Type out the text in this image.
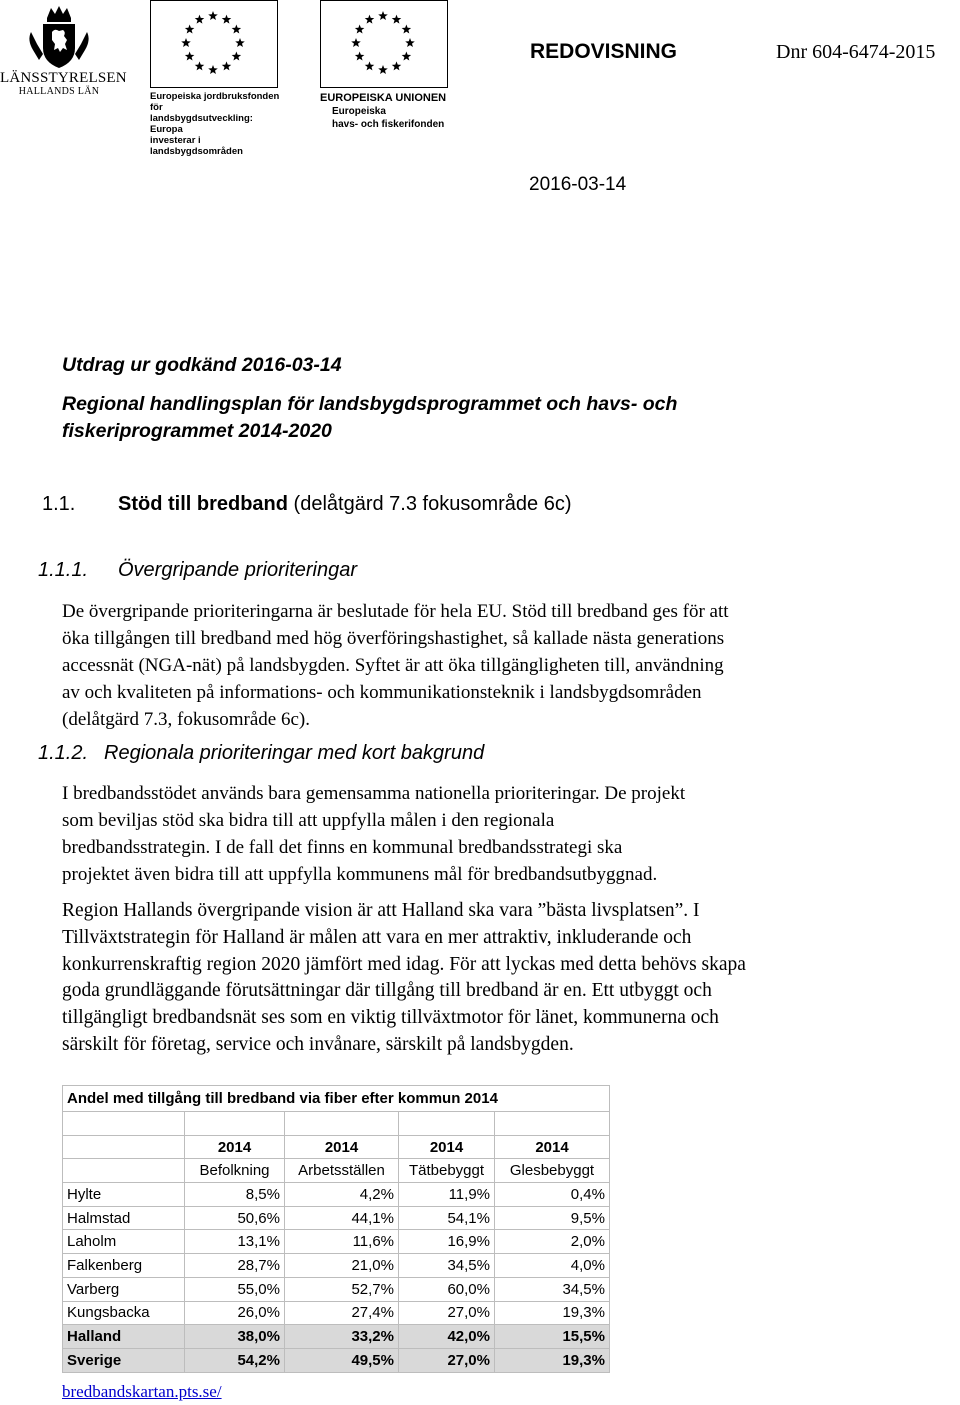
LÄNSSTYRELSEN
HALLANDS LÄN	Europeiska jordbruksfonden för
landsbygdsutveckling: Europa
investerar i landsbygdsområden
EUROPEISKA UNIONEN
Europeiska
havs- och fiskerifonden
REDOVISNING	Dnr 604-6474-2015
2016-03-14
Utdrag ur godkänd 2016-03-14
Regional handlingsplan för landsbygdsprogrammet och havs- och
fiskeriprogrammet 2014-2020
1.1. Stöd till bredband (delåtgärd 7.3 fokusområde 6c)
1.1.1. Övergripande prioriteringar
De övergripande prioriteringarna är beslutade för hela EU. Stöd till bredband ges för att
öka tillgången till bredband med hög överföringshastighet, så kallade nästa generations
accessnät (NGA-nät) på landsbygden. Syftet är att öka tillgängligheten till, användning
av och kvaliteten på informations- och kommunikationsteknik i landsbygdsområden
(delåtgärd 7.3, fokusområde 6c).
1.1.2. Regionala prioriteringar med kort bakgrund
I bredbandsstödet används bara gemensamma nationella prioriteringar. De projekt
som beviljas stöd ska bidra till att uppfylla målen i den regionala
bredbandsstrategin. I de fall det finns en kommunal bredbandsstrategi ska
projektet även bidra till att uppfylla kommunens mål för bredbandsutbyggnad.
Region Hallands övergripande vision är att Halland ska vara ”bästa livsplatsen”. I
Tillväxtstrategin för Halland är målen att vara en mer attraktiv, inkluderande och
konkurrenskraftig region 2020 jämfört med idag. För att lyckas med detta behövs skapa
goda grundläggande förutsättningar där tillgång till bredband är en. Ett utbyggt och
tillgängligt bredbandsnät ses som en viktig tillväxtmotor för länet, kommunerna och
särskilt för företag, service och invånare, särskilt på landsbygden.
Andel med tillgång till bredband via fiber efter kommun 2014				

	2014	2014	2014	2014
	Befolkning	Arbetsställen	Tätbebyggt	Glesbebyggt
Hylte	8,5%	4,2%	11,9%	0,4%
Halmstad	50,6%	44,1%	54,1%	9,5%
Laholm	13,1%	11,6%	16,9%	2,0%
Falkenberg	28,7%	21,0%	34,5%	4,0%
Varberg	55,0%	52,7%	60,0%	34,5%
Kungsbacka	26,0%	27,4%	27,0%	19,3%
Halland	38,0%	33,2%	42,0%	15,5%
Sverige	54,2%	49,5%	27,0%	19,3%
bredbandskartan.pts.se/
